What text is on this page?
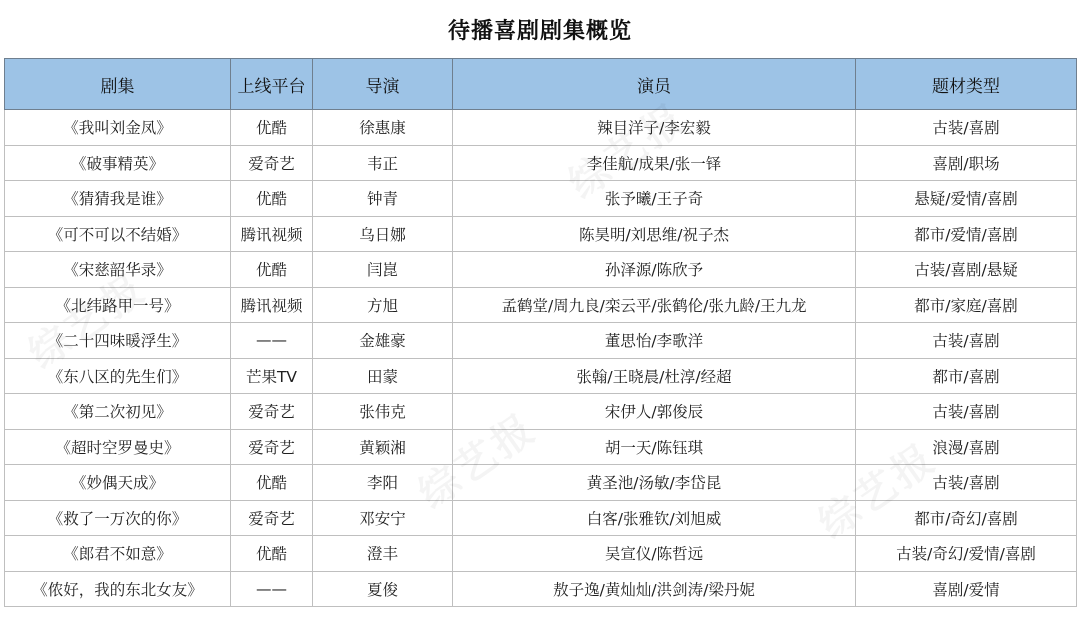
待播喜剧剧集概览
剧集	上线平台	导演	演员	题材类型
《我叫刘金凤》	优酷	徐惠康	辣目洋子/李宏毅	古装/喜剧
《破事精英》	爱奇艺	韦正	李佳航/成果/张一铎	喜剧/职场
《猜猜我是谁》	优酷	钟青	张予曦/王子奇	悬疑/爱情/喜剧
《可不可以不结婚》	腾讯视频	乌日娜	陈昊明/刘思维/祝子杰	都市/爱情/喜剧
《宋慈韶华录》	优酷	闫崑	孙泽源/陈欣予	古装/喜剧/悬疑
《北纬路甲一号》	腾讯视频	方旭	孟鹤堂/周九良/栾云平/张鹤伦/张九龄/王九龙	都市/家庭/喜剧
《二十四味暖浮生》	——	金雄豪	董思怡/李歌洋	古装/喜剧
《东八区的先生们》	芒果TV	田蒙	张翰/王晓晨/杜淳/经超	都市/喜剧
《第二次初见》	爱奇艺	张伟克	宋伊人/郭俊辰	古装/喜剧
《超时空罗曼史》	爱奇艺	黄颖湘	胡一天/陈钰琪	浪漫/喜剧
《妙偶天成》	优酷	李阳	黄圣池/汤敏/李岱昆	古装/喜剧
《救了一万次的你》	爱奇艺	邓安宁	白客/张雅钦/刘旭威	都市/奇幻/喜剧
《郎君不如意》	优酷	澄丰	吴宣仪/陈哲远	古装/奇幻/爱情/喜剧
《侬好，我的东北女友》	——	夏俊	敖子逸/黄灿灿/洪剑涛/梁丹妮	喜剧/爱情
